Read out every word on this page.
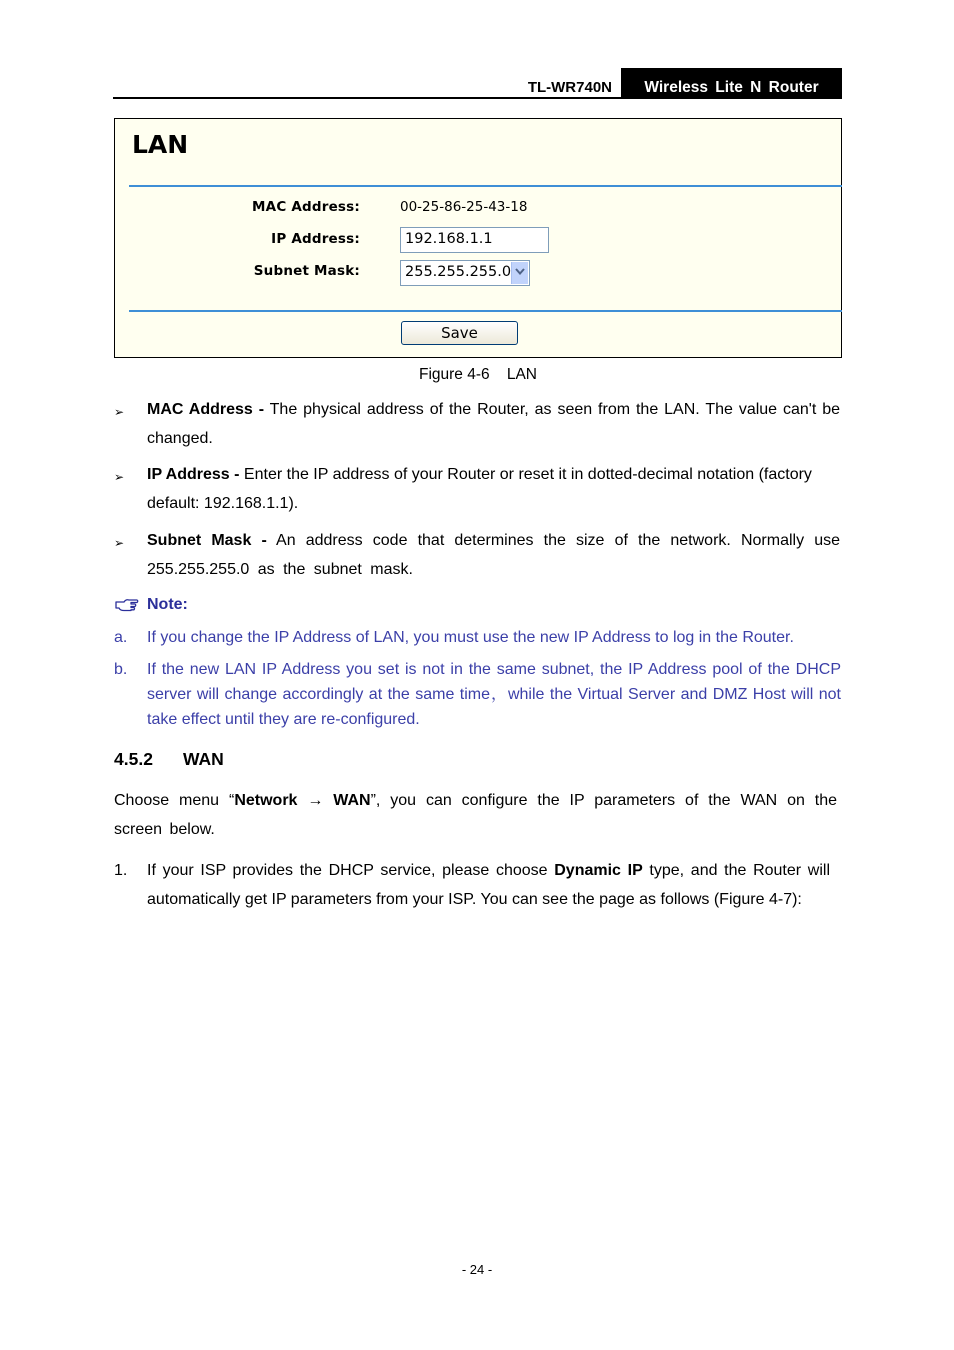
TL-WR740N	Wireless Lite N Router
LAN
MAC Address:	00-25-86-25-43-18
IP Address:	192.168.1.1
Subnet Mask:	255.255.255.0
Save
Figure 4-6    LAN
➢ MAC Address - The physical address of the Router, as seen from the LAN. The value can't be changed.
➢ IP Address - Enter the IP address of your Router or reset it in dotted-decimal notation (factory default: 192.168.1.1).
➢ Subnet Mask - An address code that determines the size of the network. Normally use 255.255.255.0 as the subnet mask.
Note:
a. If you change the IP Address of LAN, you must use the new IP Address to log in the Router.
b. If the new LAN IP Address you set is not in the same subnet, the IP Address pool of the DHCP server will change accordingly at the same time，while the Virtual Server and DMZ Host will not take effect until they are re-configured.
4.5.2 WAN
Choose menu “Network → WAN”, you can configure the IP parameters of the WAN on the screen below.
1. If your ISP provides the DHCP service, please choose Dynamic IP type, and the Router will automatically get IP parameters from your ISP. You can see the page as follows (Figure 4-7):
- 24 -
